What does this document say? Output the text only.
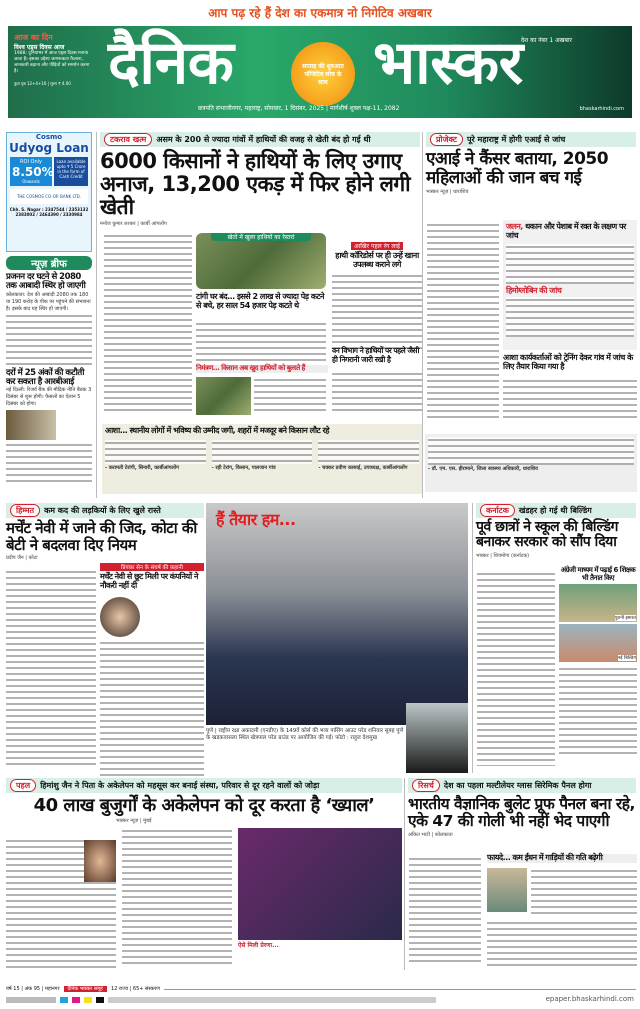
आप पढ़ रहे हैं देश का एकमात्र नो निगेटिव अखबार
आज का दिन
विश्व एड्स दिवस आज
1988: दुनियाभर में आज एड्स दिवस मनाया जाता है। इसका उद्देश्य जागरूकता फैलाना, जानकारी बढ़ाना और पीड़ितों को समर्थन करना है।
कुल पृष्ठ 12+4+16 | मूल्य ₹ 4.00 दैनिक	सप्ताह की शुरुआत पॉजिटिव सोच के साथ भास्कर
देश का नंबर 1 अखबार
छत्रपति संभाजीनगर, महाराष्ट्र, सोमवार, 1 दिसंबर, 2025 | मार्गशीर्ष शुक्ल पक्ष-11, 2082	bhaskarhindi.com
Cosmo
Udyog Loan
ROI Only
8.50%
Onwards
Loan available upto ₹ 5 Crore in the form of Cash Credit
THE COSMOS CO-OP. BANK LTD.
Chh. S. Nagar : 2347544 / 2353132 2383002 / 2464390 / 2330984
न्यूज़ ब्रीफ
प्रजनन दर घटने से 2080 तक आबादी स्थिर हो जाएगी
कोलकाता: देश की आबादी 2080 तक 180 या 190 करोड़ के पीक पर पहुंचने की संभावना है। इसके बाद यह स्थिर हो जाएगी।
दरों में 25 अंकों की कटौती कर सकता है आरबीआई
नई दिल्ली: रिजर्व बैंक की मौद्रिक नीति बैठक 3 दिसंबर से शुरू होगी। फैसलों का ऐलान 5 दिसंबर को होगा।
टकराव खत्म	असम के 200 से ज्यादा गांवों में हाथियों की वजह से खेती बंद हो गई थी
6000 किसानों ने हाथियों के लिए उगाए अनाज, 13,200 एकड़ में फिर होने लगी खेती
मनोज कुमार लश्कर | कार्बी आंगलोंग
खेतों में खुला हाथियों का रेस्तरां
आखिर पहल रंग लाई
हाथी कॉरिडोर्स पर ही उन्हें खाना उपलब्ध कराने लगे
टांगी घर बंद... इससे 2 लाख से ज्यादा पेड़ कटने से बचे, हर साल 54 हजार पेड़ कटते थे
निमंत्रण... किसान अब खुद हाथियों को बुलाते हैं
वन विभाग ने हाथियों पर पहले जैसी ही निगरानी जारी रखी है
आशा... स्थानीय लोगों में भविष्य की उम्मीद जगी, शहरों में मजदूर बने किसान लौट रहे
- करामती टेरांगी, सिनारी, कार्बीआंगलोंग	- रही टेरांग, किसान, पालजान गांव	- चक्कर प्रवीण कासाई, उपाध्यक्ष, कार्बीआंगलोंग
प्रोजेक्ट	पूरे महाराष्ट्र में होगी एआई से जांच
एआई ने कैंसर बताया, 2050 महिलाओं की जान बच गई
भास्कर न्यूज़ | धाराशिव
जलन, थकान और पेशाब में रक्त के लक्षण पर जांच
हिमोग्लोबिन की जांच
आशा कार्यकर्ताओं को ट्रेनिंग देकर गांव में जांच के लिए तैयार किया गया है
- डॉ. एम. एस. हीरामाने, जिला स्वास्थ्य अधिकारी, धाराशिव
हिम्मत	कम कद की लड़कियों के लिए खुले रास्ते
मर्चेंट नेवी में जाने की जिद, कोटा की बेटी ने बदलवा दिए नियम
प्रदीप जैन | कोटा
प्रियंका सेन के संघर्ष की कहानी
मर्चेंट नेवी से छूट मिली पर कंपनियों ने नौकरी नहीं दी
हैं तैयार हम...
पुणे | राष्ट्रीय रक्षा अकादमी (एनडीए) के 149वें कोर्स की भव्य पासिंग आउट परेड शनिवार सुबह पुणे के खडकवासला स्थित खेत्रपाल परेड ग्राउंड पर आयोजित की गई। फोटो : राहुल देशमुख
कर्नाटक	खंडहर हो गई थी बिल्डिंग
पूर्व छात्रों ने स्कूल की बिल्डिंग बनाकर सरकार को सौंप दिया
भास्कर | शिवमोगा (कर्नाटक)
अंग्रेजी माध्यम में पढ़ाई 6 शिक्षक भी तैनात किए
पुरानी इमारत
नई बिल्डिंग
पहल	हिमांशु जैन ने पिता के अकेलेपन को महसूस कर बनाई संस्था, परिवार से दूर रहने वालों को जोड़ा
40 लाख बुजुर्गों के अकेलेपन को दूर करता है ‘ख्याल’
भास्कर न्यूज़ | मुंबई
ऐसे मिली प्रेरणा...
रिसर्च	देश का पहला मल्टीलेयर ग्लास सिरेमिक पैनल होगा
भारतीय वैज्ञानिक बुलेट प्रूफ पैनल बना रहे, एके 47 की गोली भी नहीं भेद पाएगी
अंकित भाटी | कोलकाता
फायदे... कम ईंधन में गाड़ियों की गति बढ़ेगी
वर्ष 15 | अंक 95 | महानगर	दैनिक भास्कर समूह	12 राज्य | 65+ संस्करण
epaper.bhaskarhindi.com
